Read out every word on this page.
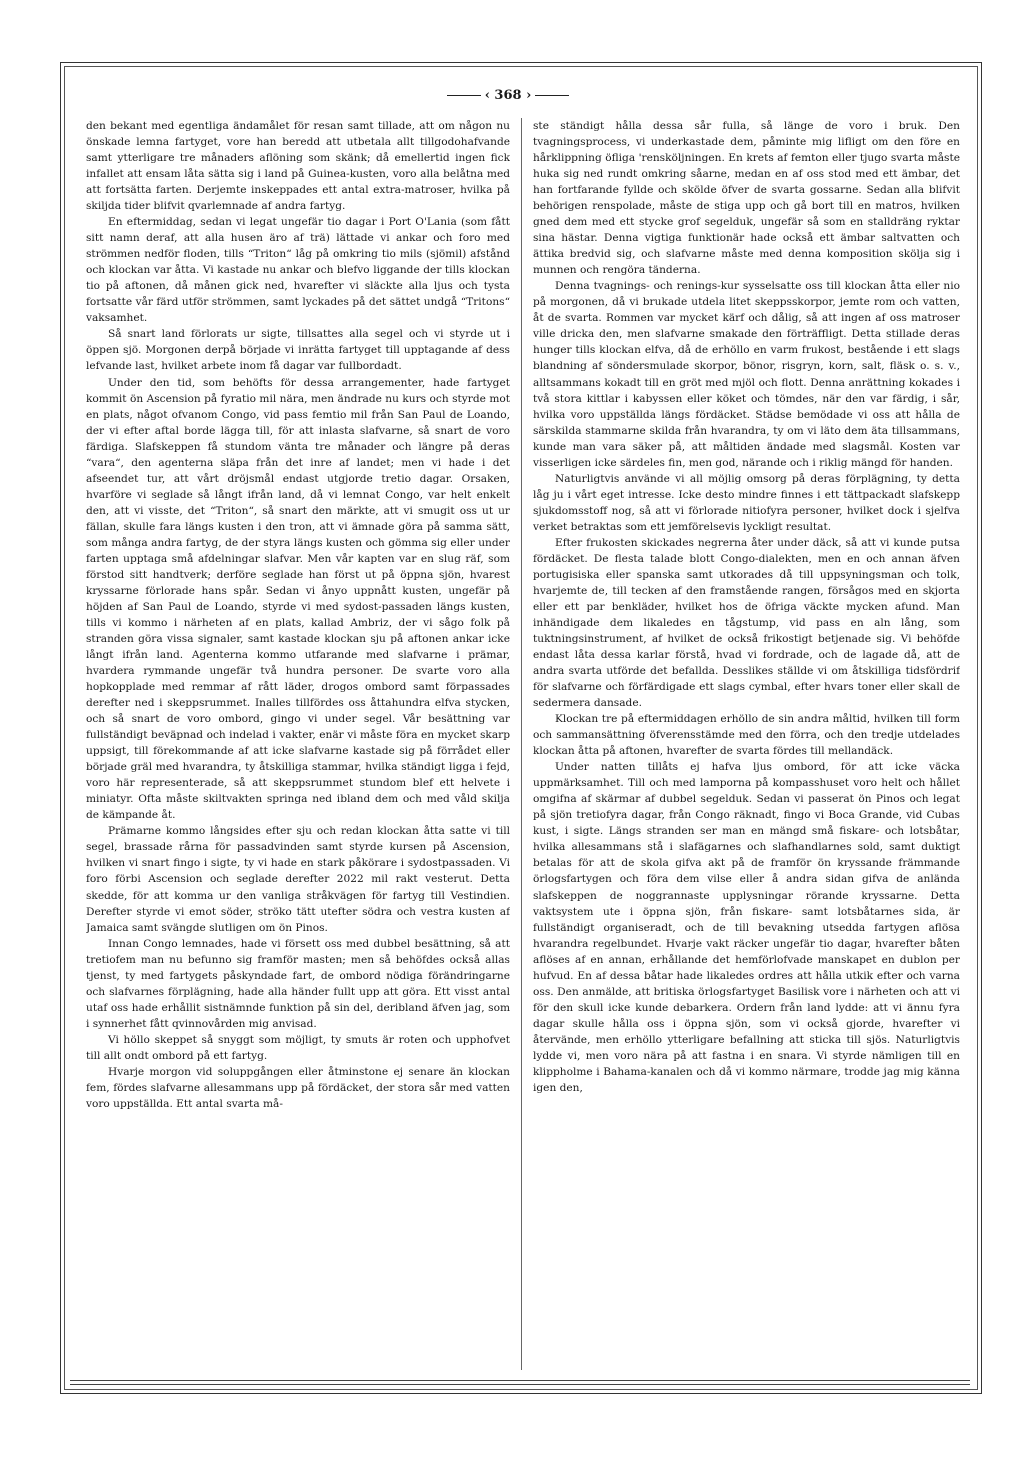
‹ 368 ›

den bekant med egentliga ändamålet för resan samt tillade, att om någon nu önskade lemna fartyget, vore han beredd att utbetala allt tillgodohafvande samt ytterligare tre månaders aflöning som skänk; då emellertid ingen fick infallet att ensam låta sätta sig i land på Guinea-kusten, voro alla belåtna med att fortsätta farten. Derjemte inskeppades ett antal extra-matroser, hvilka på skiljda tider blifvit qvarlemnade af andra fartyg.

En eftermiddag, sedan vi legat ungefär tio dagar i Port O'Lania (som fått sitt namn deraf, att alla husen äro af trä) lättade vi ankar och foro med strömmen nedför floden, tills “Triton“ låg på omkring tio mils (sjömil) afstånd och klockan var åtta. Vi kastade nu ankar och blefvo liggande der tills klockan tio på aftonen, då månen gick ned, hvarefter vi släckte alla ljus och tysta fortsatte vår färd utför strömmen, samt lyckades på det sättet undgå “Tritons“ vaksamhet.

Så snart land förlorats ur sigte, tillsattes alla segel och vi styrde ut i öppen sjö. Morgonen derpå började vi inrätta fartyget till upptagande af dess lefvande last, hvilket arbete inom få dagar var fullbordadt.

Under den tid, som behöfts för dessa arrangementer, hade fartyget kommit ön Ascension på fyratio mil nära, men ändrade nu kurs och styrde mot en plats, något ofvanom Congo, vid pass femtio mil från San Paul de Loando, der vi efter aftal borde lägga till, för att inlasta slafvarne, så snart de voro färdiga. Slafskeppen få stundom vänta tre månader och längre på deras “vara“, den agenterna släpa från det inre af landet; men vi hade i det afseendet tur, att vårt dröjsmål endast utgjorde tretio dagar. Orsaken, hvarföre vi seglade så långt ifrån land, då vi lemnat Congo, var helt enkelt den, att vi visste, det “Triton“, så snart den märkte, att vi smugit oss ut ur fällan, skulle fara längs kusten i den tron, att vi ämnade göra på samma sätt, som många andra fartyg, de der styra längs kusten och gömma sig eller under farten upptaga små afdelningar slafvar. Men vår kapten var en slug räf, som förstod sitt handtverk; derföre seglade han först ut på öppna sjön, hvarest kryssarne förlorade hans spår. Sedan vi ånyo uppnått kusten, ungefär på höjden af San Paul de Loando, styrde vi med sydost-passaden längs kusten, tills vi kommo i närheten af en plats, kallad Ambriz, der vi sågo folk på stranden göra vissa signaler, samt kastade klockan sju på aftonen ankar icke långt ifrån land. Agenterna kommo utfarande med slafvarne i prämar, hvardera rymmande ungefär två hundra personer. De svarte voro alla hopkopplade med remmar af rått läder, drogos ombord samt förpassades derefter ned i skeppsrummet. Inalles tillfördes oss åttahundra elfva stycken, och så snart de voro ombord, gingo vi under segel. Vår besättning var fullständigt beväpnad och indelad i vakter, enär vi måste föra en mycket skarp uppsigt, till förekommande af att icke slafvarne kastade sig på förrådet eller började gräl med hvarandra, ty åtskilliga stammar, hvilka ständigt ligga i fejd, voro här representerade, så att skeppsrummet stundom blef ett helvete i miniatyr. Ofta måste skiltvakten springa ned ibland dem och med våld skilja de kämpande åt.

Prämarne kommo långsides efter sju och redan klockan åtta satte vi till segel, brassade rårna för passadvinden samt styrde kursen på Ascension, hvilken vi snart fingo i sigte, ty vi hade en stark påkörare i sydostpassaden. Vi foro förbi Ascension och seglade derefter 2022 mil rakt vesterut. Detta skedde, för att komma ur den vanliga stråkvägen för fartyg till Vestindien. Derefter styrde vi emot söder, ströko tätt utefter södra och vestra kusten af Jamaica samt svängde slutligen om ön Pinos.

Innan Congo lemnades, hade vi försett oss med dubbel besättning, så att tretiofem man nu befunno sig framför masten; men så behöfdes också allas tjenst, ty med fartygets påskyndade fart, de ombord nödiga förändringarne och slafvarnes förplägning, hade alla händer fullt upp att göra. Ett visst antal utaf oss hade erhållit sistnämnde funktion på sin del, deribland äfven jag, som i synnerhet fått qvinnovården mig anvisad.

Vi höllo skeppet så snyggt som möjligt, ty smuts är roten och upphofvet till allt ondt ombord på ett fartyg.

Hvarje morgon vid soluppgången eller åtminstone ej senare än klockan fem, fördes slafvarne allesammans upp på fördäcket, der stora sår med vatten voro uppställda. Ett antal svarta må-

ste ständigt hålla dessa sår fulla, så länge de voro i bruk. Den tvagningsprocess, vi underkastade dem, påminte mig lifligt om den före en hårklippning öfliga 'rensköljningen. En krets af femton eller tjugo svarta måste huka sig ned rundt omkring såarne, medan en af oss stod med ett ämbar, det han fortfarande fyllde och skölde öfver de svarta gossarne. Sedan alla blifvit behörigen renspolade, måste de stiga upp och gå bort till en matros, hvilken gned dem med ett stycke grof segelduk, ungefär så som en stalldräng ryktar sina hästar. Denna vigtiga funktionär hade också ett ämbar saltvatten och ättika bredvid sig, och slafvarne måste med denna komposition skölja sig i munnen och rengöra tänderna.

Denna tvagnings- och renings-kur sysselsatte oss till klockan åtta eller nio på morgonen, då vi brukade utdela litet skeppsskorpor, jemte rom och vatten, åt de svarta. Rommen var mycket kärf och dålig, så att ingen af oss matroser ville dricka den, men slafvarne smakade den förträffligt. Detta stillade deras hunger tills klockan elfva, då de erhöllo en varm frukost, bestående i ett slags blandning af söndersmulade skorpor, bönor, risgryn, korn, salt, fläsk o. s. v., alltsammans kokadt till en gröt med mjöl och flott. Denna anrättning kokades i två stora kittlar i kabyssen eller köket och tömdes, när den var färdig, i sår, hvilka voro uppställda längs fördäcket. Städse bemödade vi oss att hålla de särskilda stammarne skilda från hvarandra, ty om vi läto dem äta tillsammans, kunde man vara säker på, att måltiden ändade med slagsmål. Kosten var visserligen icke särdeles fin, men god, närande och i riklig mängd för handen.

Naturligtvis använde vi all möjlig omsorg på deras förplägning, ty detta låg ju i vårt eget intresse. Icke desto mindre finnes i ett tättpackadt slafskepp sjukdomsstoff nog, så att vi förlorade nitiofyra personer, hvilket dock i sjelfva verket betraktas som ett jemförelsevis lyckligt resultat.

Efter frukosten skickades negrerna åter under däck, så att vi kunde putsa fördäcket. De flesta talade blott Congo-dialekten, men en och annan äfven portugisiska eller spanska samt utkorades då till uppsyningsman och tolk, hvarjemte de, till tecken af den framstående rangen, försågos med en skjorta eller ett par benkläder, hvilket hos de öfriga väckte mycken afund. Man inhändigade dem likaledes en tågstump, vid pass en aln lång, som tuktningsinstrument, af hvilket de också frikostigt betjenade sig. Vi behöfde endast låta dessa karlar förstå, hvad vi fordrade, och de lagade då, att de andra svarta utförde det befallda. Desslikes ställde vi om åtskilliga tidsfördrif för slafvarne och förfärdigade ett slags cymbal, efter hvars toner eller skall de sedermera dansade.

Klockan tre på eftermiddagen erhöllo de sin andra måltid, hvilken till form och sammansättning öfverensstämde med den förra, och den tredje utdelades klockan åtta på aftonen, hvarefter de svarta fördes till mellandäck.

Under natten tillåts ej hafva ljus ombord, för att icke väcka uppmärksamhet. Till och med lamporna på kompasshuset voro helt och hållet omgifna af skärmar af dubbel segelduk. Sedan vi passerat ön Pinos och legat på sjön tretiofyra dagar, från Congo räknadt, fingo vi Boca Grande, vid Cubas kust, i sigte. Längs stranden ser man en mängd små fiskare- och lotsbåtar, hvilka allesammans stå i slafägarnes och slafhandlarnes sold, samt duktigt betalas för att de skola gifva akt på de framför ön kryssande främmande örlogsfartygen och föra dem vilse eller å andra sidan gifva de anlända slafskeppen de noggrannaste upplysningar rörande kryssarne. Detta vaktsystem ute i öppna sjön, från fiskare- samt lotsbåtarnes sida, är fullständigt organiseradt, och de till bevakning utsedda fartygen aflösa hvarandra regelbundet. Hvarje vakt räcker ungefär tio dagar, hvarefter båten aflöses af en annan, erhållande det hemförlofvade manskapet en dublon per hufvud. En af dessa båtar hade likaledes ordres att hålla utkik efter och varna oss. Den anmälde, att britiska örlogsfartyget Basilisk vore i närheten och att vi för den skull icke kunde debarkera. Ordern från land lydde: att vi ännu fyra dagar skulle hålla oss i öppna sjön, som vi också gjorde, hvarefter vi återvände, men erhöllo ytterligare befallning att sticka till sjös. Naturligtvis lydde vi, men voro nära på att fastna i en snara. Vi styrde nämligen till en klippholme i Bahama-kanalen och då vi kommo närmare, trodde jag mig känna igen den,
